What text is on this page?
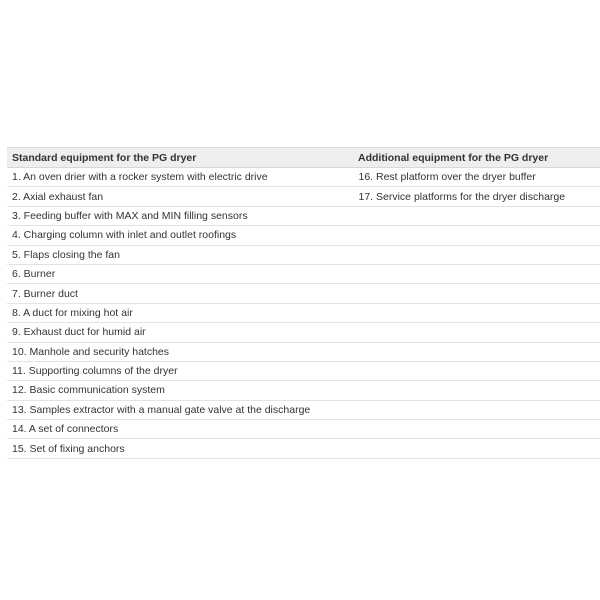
Standard equipment for the PG dryer	Additional equipment for the PG dryer
1. An oven drier with a rocker system with electric drive	16. Rest platform over the dryer buffer
2. Axial exhaust fan	17. Service platforms for the dryer discharge
3. Feeding buffer with MAX and MIN filling sensors	
4. Charging column with inlet and outlet roofings	
5. Flaps closing the fan	
6. Burner	
7. Burner duct	
8. A duct for mixing hot air	
9. Exhaust duct for humid air	
10. Manhole and security hatches	
11. Supporting columns of the dryer	
12. Basic communication system	
13. Samples extractor with a manual gate valve at the discharge	
14. A set of connectors	
15. Set of fixing anchors	
